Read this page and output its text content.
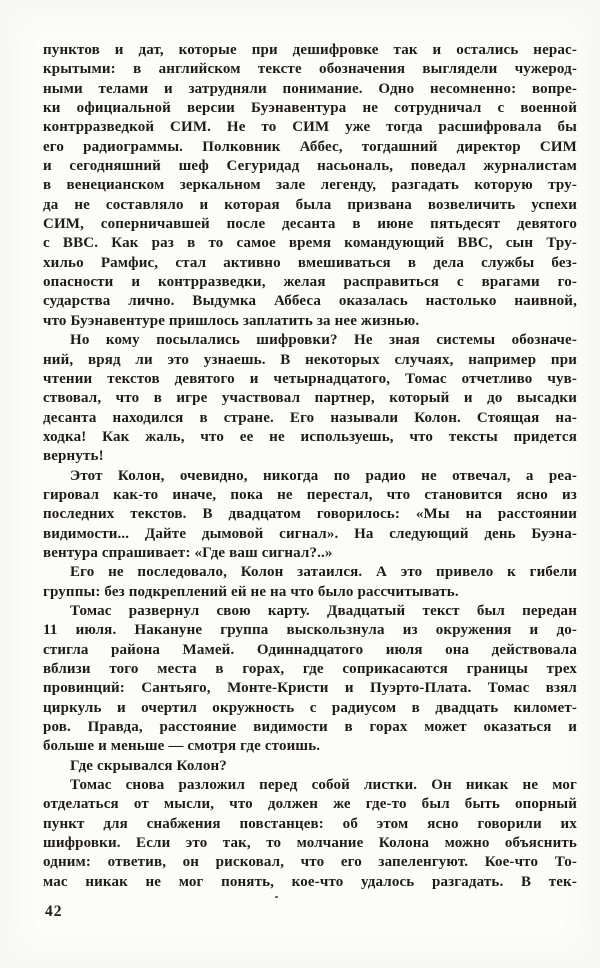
пунктов и дат, которые при дешифровке так и остались нерас-
крытыми: в английском тексте обозначения выглядели чужерод-
ными телами и затрудняли понимание. Одно несомненно: вопре-
ки официальной версии Буэнавентура не сотрудничал с военной
контрразведкой СИМ. Не то СИМ уже тогда расшифровала бы
его радиограммы. Полковник Аббес, тогдашний директор СИМ
и сегодняшний шеф Сегуридад насьональ, поведал журналистам
в венецианском зеркальном зале легенду, разгадать которую тру-
да не составляло и которая была призвана возвеличить успехи
СИМ, соперничавшей после десанта в июне пятьдесят девятого
с ВВС. Как раз в то самое время командующий ВВС, сын Тру-
хильо Рамфис, стал активно вмешиваться в дела службы без-
опасности и контрразведки, желая расправиться с врагами го-
сударства лично. Выдумка Аббеса оказалась настолько наивной,
что Буэнавентуре пришлось заплатить за нее жизнью.
Но кому посылались шифровки? Не зная системы обозначе-
ний, вряд ли это узнаешь. В некоторых случаях, например при
чтении текстов девятого и четырнадцатого, Томас отчетливо чув-
ствовал, что в игре участвовал партнер, который и до высадки
десанта находился в стране. Его называли Колон. Стоящая на-
ходка! Как жаль, что ее не используешь, что тексты придется
вернуть!
Этот Колон, очевидно, никогда по радио не отвечал, а реа-
гировал как-то иначе, пока не перестал, что становится ясно из
последних текстов. В двадцатом говорилось: «Мы на расстоянии
видимости... Дайте дымовой сигнал». На следующий день Буэна-
вентура спрашивает: «Где ваш сигнал?..»
Его не последовало, Колон затаился. А это привело к гибели
группы: без подкреплений ей не на что было рассчитывать.
Томас развернул свою карту. Двадцатый текст был передан
11 июля. Накануне группа выскользнула из окружения и до-
стигла района Мамей. Одиннадцатого июля она действовала
вблизи того места в горах, где соприкасаются границы трех
провинций: Сантьяго, Монте-Кристи и Пуэрто-Плата. Томас взял
циркуль и очертил окружность с радиусом в двадцать километ-
ров. Правда, расстояние видимости в горах может оказаться и
больше и меньше — смотря где стоишь.
Где скрывался Колон?
Томас снова разложил перед собой листки. Он никак не мог
отделаться от мысли, что должен же где-то был быть опорный
пункт для снабжения повстанцев: об этом ясно говорили их
шифровки. Если это так, то молчание Колона можно объяснить
одним: ответив, он рисковал, что его запеленгуют. Кое-что То-
мас никак не мог понять, кое-что удалось разгадать. В тек-
42
